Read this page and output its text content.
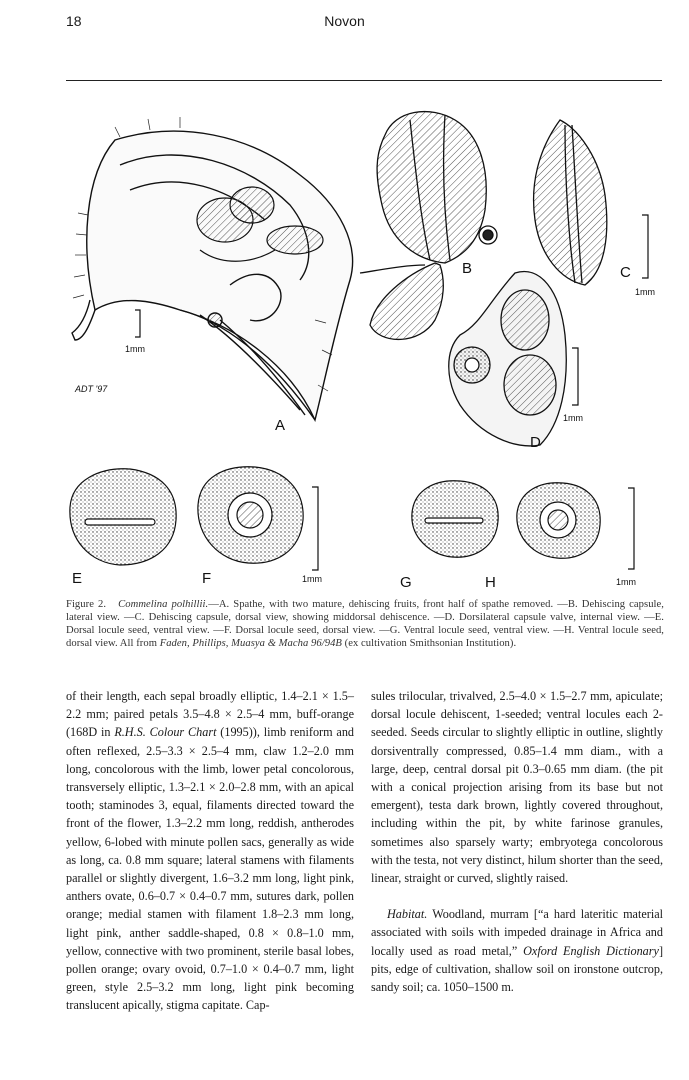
18	Novon
1mm
ADT '97
A
B	C
1mm
1mm
D
E	F	1mm	G	H	1mm
Figure 2. Commelina polhillii.—A. Spathe, with two mature, dehiscing fruits, front half of spathe removed. —B. Dehiscing capsule, lateral view. —C. Dehiscing capsule, dorsal view, showing middorsal dehiscence. —D. Dorsilateral capsule valve, internal view. —E. Dorsal locule seed, ventral view. —F. Dorsal locule seed, dorsal view. —G. Ventral locule seed, ventral view. —H. Ventral locule seed, dorsal view. All from Faden, Phillips, Muasya & Macha 96/94B (ex cultivation Smithsonian Institution).
of their length, each sepal broadly elliptic, 1.4–2.1 × 1.5–2.2 mm; paired petals 3.5–4.8 × 2.5–4 mm, buff-orange (168D in R.H.S. Colour Chart (1995)), limb reniform and often reflexed, 2.5–3.3 × 2.5–4 mm, claw 1.2–2.0 mm long, concolorous with the limb, lower petal concolorous, transversely elliptic, 1.3–2.1 × 2.0–2.8 mm, with an apical tooth; staminodes 3, equal, filaments directed toward the front of the flower, 1.3–2.2 mm long, reddish, antherodes yellow, 6-lobed with minute pollen sacs, generally as wide as long, ca. 0.8 mm square; lateral stamens with filaments parallel or slightly divergent, 1.6–3.2 mm long, light pink, anthers ovate, 0.6–0.7 × 0.4–0.7 mm, sutures dark, pollen orange; medial stamen with filament 1.8–2.3 mm long, light pink, anther saddle-shaped, 0.8 × 0.8–1.0 mm, yellow, connective with two prominent, sterile basal lobes, pollen orange; ovary ovoid, 0.7–1.0 × 0.4–0.7 mm, light green, style 2.5–3.2 mm long, light pink becoming translucent apically, stigma capitate. Cap-
sules trilocular, trivalved, 2.5–4.0 × 1.5–2.7 mm, apiculate; dorsal locule dehiscent, 1-seeded; ventral locules each 2-seeded. Seeds circular to slightly elliptic in outline, slightly dorsiventrally compressed, 0.85–1.4 mm diam., with a large, deep, central dorsal pit 0.3–0.65 mm diam. (the pit with a conical projection arising from its base but not emergent), testa dark brown, lightly covered throughout, including within the pit, by white farinose granules, sometimes also sparsely warty; embryotega concolorous with the testa, not very distinct, hilum shorter than the seed, linear, straight or curved, slightly raised.
Habitat. Woodland, murram [“a hard lateritic material associated with soils with impeded drainage in Africa and locally used as road metal,” Oxford English Dictionary] pits, edge of cultivation, shallow soil on ironstone outcrop, sandy soil; ca. 1050–1500 m.
